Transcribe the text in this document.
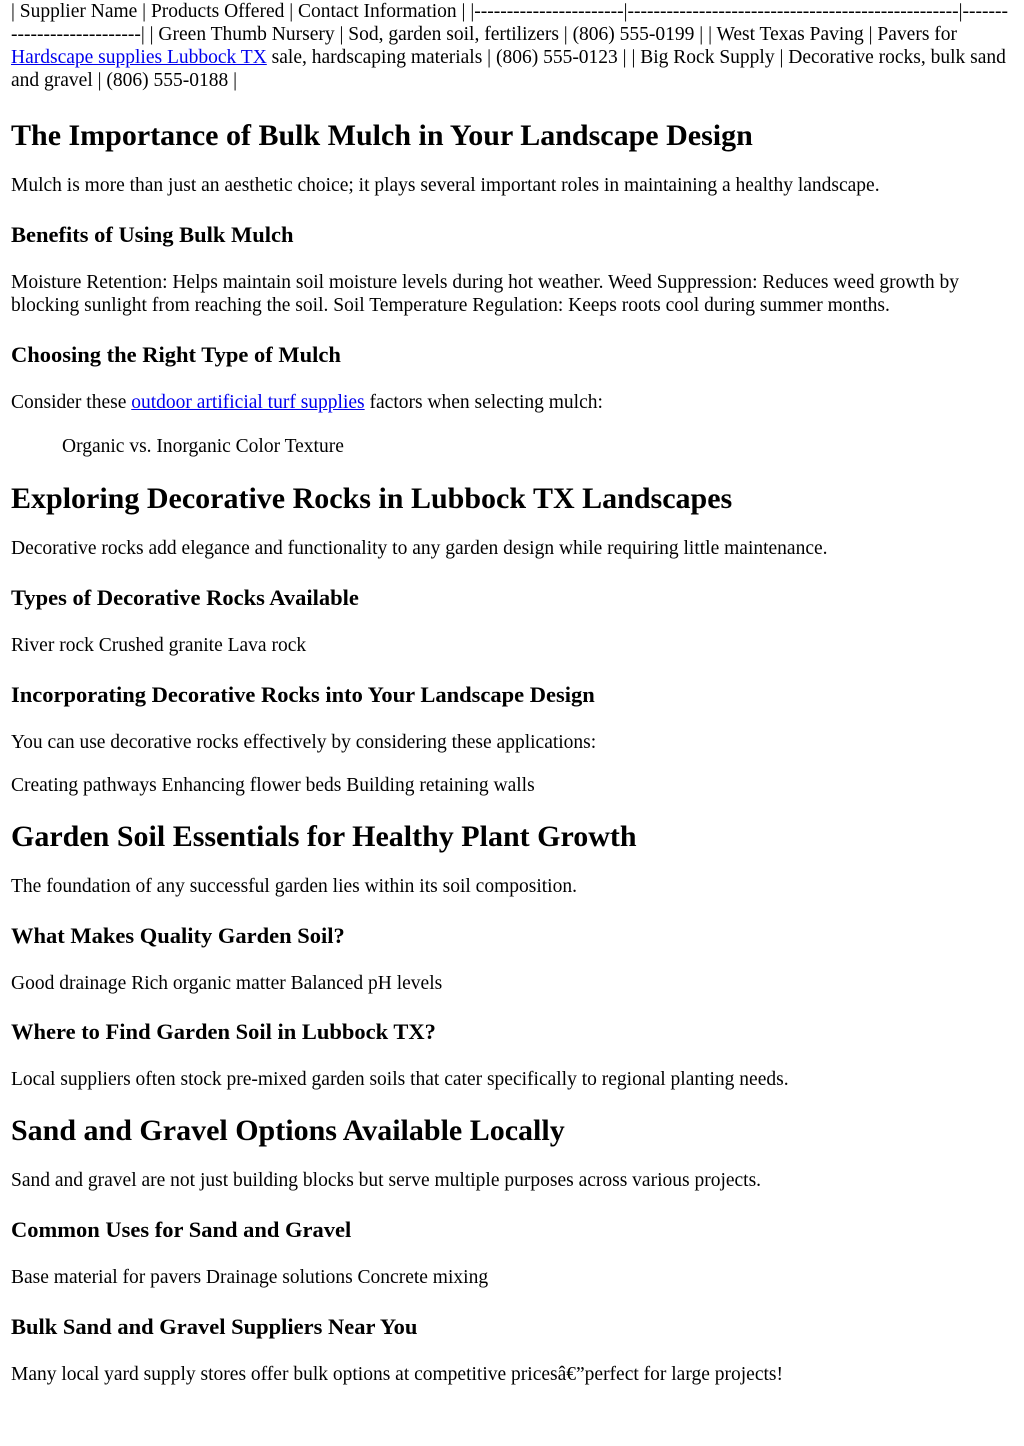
| Supplier Name | Products Offered | Contact Information | |-----------------------|---------------------------------------------------|---------------------------| | Green Thumb Nursery | Sod, garden soil, fertilizers | (806) 555-0199 | | West Texas Paving | Pavers for Hardscape supplies Lubbock TX sale, hardscaping materials | (806) 555-0123 | | Big Rock Supply | Decorative rocks, bulk sand and gravel | (806) 555-0188 |

The Importance of Bulk Mulch in Your Landscape Design

Mulch is more than just an aesthetic choice; it plays several important roles in maintaining a healthy landscape.

Benefits of Using Bulk Mulch

Moisture Retention: Helps maintain soil moisture levels during hot weather. Weed Suppression: Reduces weed growth by blocking sunlight from reaching the soil. Soil Temperature Regulation: Keeps roots cool during summer months.

Choosing the Right Type of Mulch

Consider these outdoor artificial turf supplies factors when selecting mulch:

Organic vs. Inorganic Color Texture

Exploring Decorative Rocks in Lubbock TX Landscapes

Decorative rocks add elegance and functionality to any garden design while requiring little maintenance.

Types of Decorative Rocks Available

River rock Crushed granite Lava rock

Incorporating Decorative Rocks into Your Landscape Design

You can use decorative rocks effectively by considering these applications:

Creating pathways Enhancing flower beds Building retaining walls

Garden Soil Essentials for Healthy Plant Growth

The foundation of any successful garden lies within its soil composition.

What Makes Quality Garden Soil?

Good drainage Rich organic matter Balanced pH levels

Where to Find Garden Soil in Lubbock TX?

Local suppliers often stock pre-mixed garden soils that cater specifically to regional planting needs.

Sand and Gravel Options Available Locally

Sand and gravel are not just building blocks but serve multiple purposes across various projects.

Common Uses for Sand and Gravel

Base material for pavers Drainage solutions Concrete mixing

Bulk Sand and Gravel Suppliers Near You

Many local yard supply stores offer bulk options at competitive pricesâ€”perfect for large projects!
